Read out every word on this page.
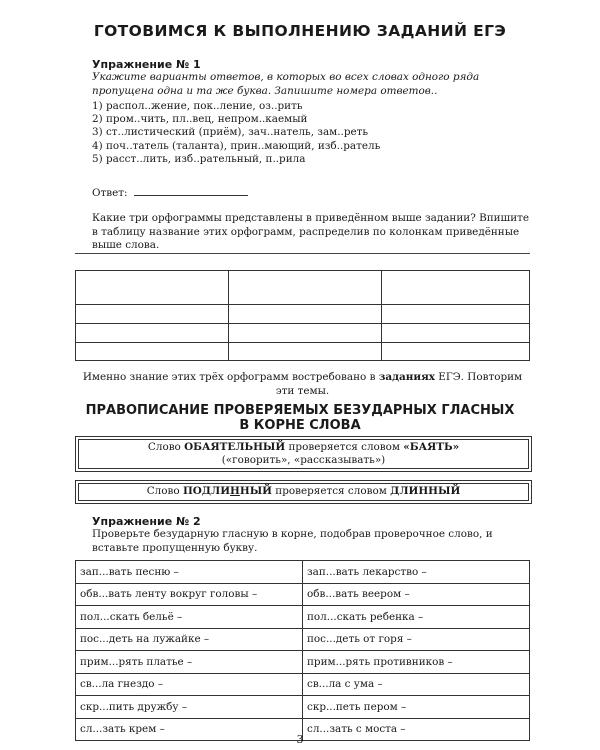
ГОТОВИМСЯ К ВЫПОЛНЕНИЮ ЗАДАНИЙ ЕГЭ
Упражнение № 1
Укажите варианты ответов, в которых во всех словах одного ряда пропущена одна и та же буква. Запишите номера ответов..
1) распол..жение, пок..ление, оз..рить
2) пром..чить, пл..вец, непром..каемый
3) ст..листический (приём), зач..натель, зам..реть
4) поч..татель (таланта), прин..мающий, изб..ратель
5) расст..лить, изб..рательный, п..рила
Ответ:
Какие три орфограммы представлены в приведённом выше задании? Впишите в таблицу название этих орфограмм, распределив по колонкам приведённые выше слова.

Именно знание этих трёх орфограмм востребовано в заданиях ЕГЭ. Повторим эти темы.
ПРАВОПИСАНИЕ ПРОВЕРЯЕМЫХ БЕЗУДАРНЫХ ГЛАСНЫХ
В КОРНЕ СЛОВА
Слово ОБАЯТЕЛЬНЫЙ проверяется словом «БАЯТЬ»
(«говорить», «рассказывать»)
Слово ПОДЛИННЫЙ проверяется словом ДЛИННЫЙ
Упражнение № 2
Проверьте безударную гласную в корне, подобрав проверочное слово, и вставьте пропущенную букву.
зап...вать песню –	зап...вать лекарство –
обв...вать ленту вокруг головы –	обв...вать веером –
пол...скать бельё –	пол...скать ребенка –
пос...деть на лужайке –	пос...деть от горя –
прим...рять платье –	прим...рять противников –
св...ла гнездо –	св...ла с ума –
скр...пить дружбу –	скр...петь пером –
сл...зать крем –	сл...зать с моста –
3
